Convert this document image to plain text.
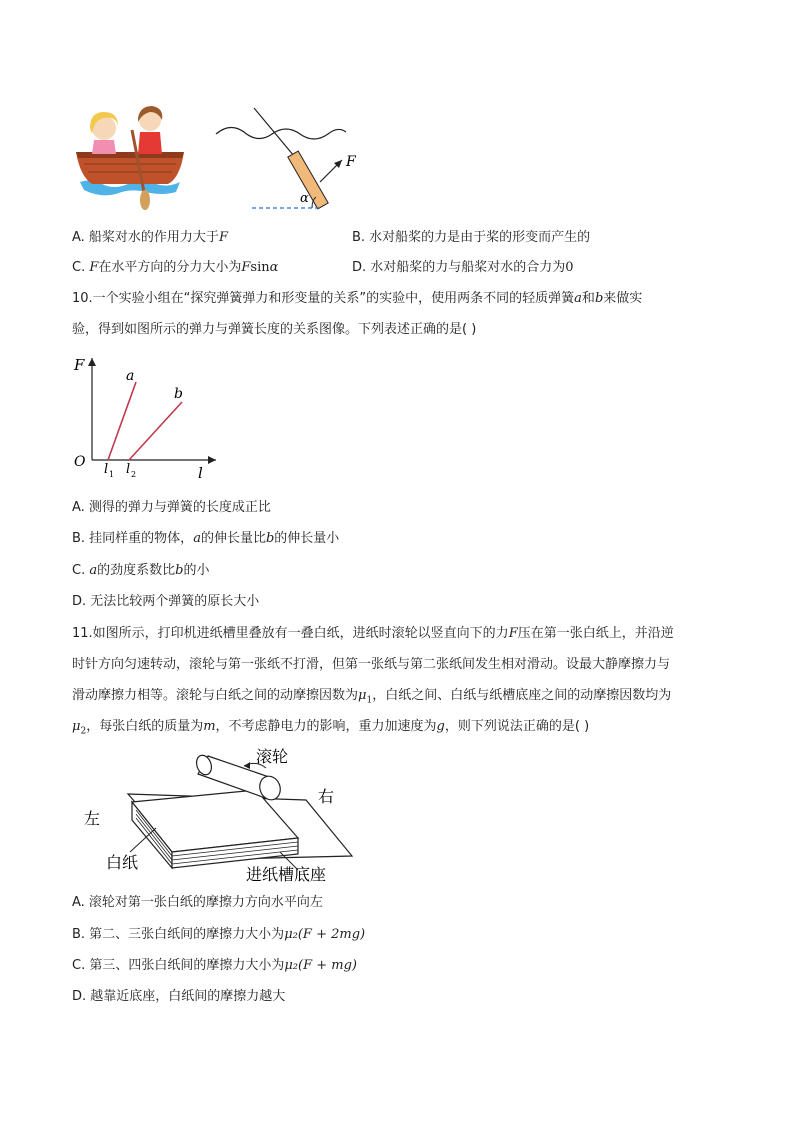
F
α
A. 船桨对水的作用力大于F	B. 水对船桨的力是由于桨的形变而产生的
C. F在水平方向的分力大小为Fsinα	D. 水对船桨的力与船桨对水的合力为0
10.一个实验小组在“探究弹簧弹力和形变量的关系”的实验中，使用两条不同的轻质弹簧a和b来做实
验，得到如图所示的弹力与弹簧长度的关系图像。下列表述正确的是( )
F
l
O
a
b
l 1 l 2
A. 测得的弹力与弹簧的长度成正比
B. 挂同样重的物体，a的伸长量比b的伸长量小
C. a的劲度系数比b的小
D. 无法比较两个弹簧的原长大小
11.如图所示，打印机进纸槽里叠放有一叠白纸，进纸时滚轮以竖直向下的力F压在第一张白纸上，并沿逆
时针方向匀速转动，滚轮与第一张纸不打滑，但第一张纸与第二张纸间发生相对滑动。设最大静摩擦力与
滑动摩擦力相等。滚轮与白纸之间的动摩擦因数为$\mu_1$，白纸之间、白纸与纸槽底座之间的动摩擦因数均为
$\mu_2$，每张白纸的质量为m，不考虑静电力的影响，重力加速度为g，则下列说法正确的是( )
滚轮
右
左
白纸
进纸槽底座
A. 滚轮对第一张白纸的摩擦力方向水平向左
B. 第二、三张白纸间的摩擦力大小为μ₂(F + 2mg)
C. 第三、四张白纸间的摩擦力大小为μ₂(F + mg)
D. 越靠近底座，白纸间的摩擦力越大
